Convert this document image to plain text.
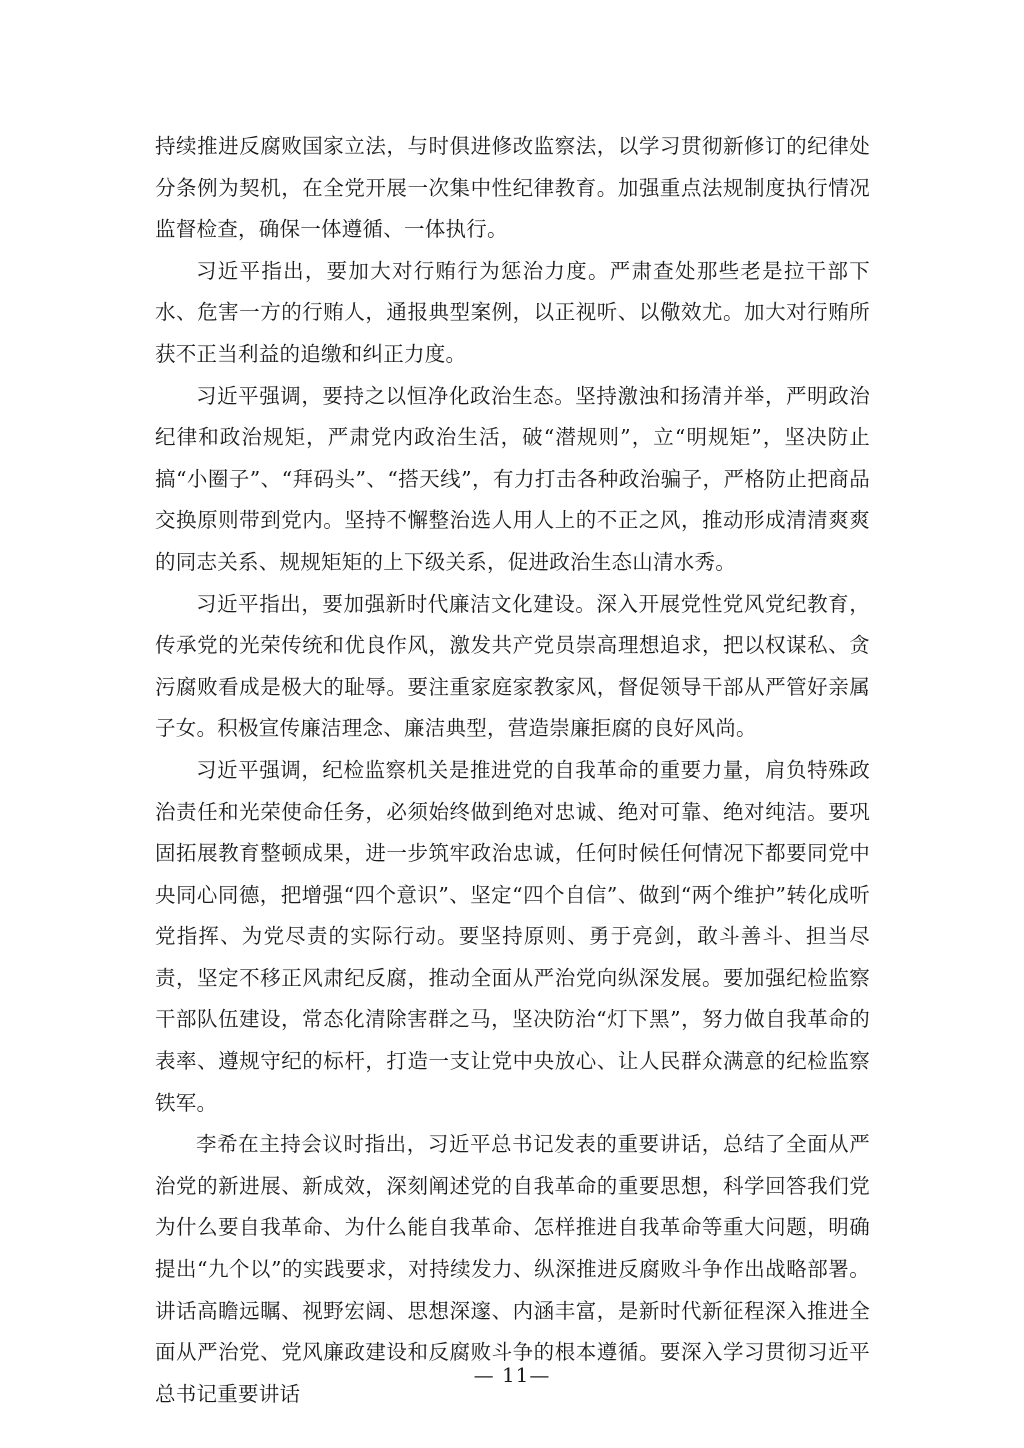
持续推进反腐败国家立法，与时俱进修改监察法，以学习贯彻新修订的纪律处分条例为契机，在全党开展一次集中性纪律教育。加强重点法规制度执行情况监督检查，确保一体遵循、一体执行。

习近平指出，要加大对行贿行为惩治力度。严肃查处那些老是拉干部下水、危害一方的行贿人，通报典型案例，以正视听、以儆效尤。加大对行贿所获不正当利益的追缴和纠正力度。

习近平强调，要持之以恒净化政治生态。坚持激浊和扬清并举，严明政治纪律和政治规矩，严肃党内政治生活，破“潜规则”，立“明规矩”，坚决防止搞“小圈子”、“拜码头”、“搭天线”，有力打击各种政治骗子，严格防止把商品交换原则带到党内。坚持不懈整治选人用人上的不正之风，推动形成清清爽爽的同志关系、规规矩矩的上下级关系，促进政治生态山清水秀。

习近平指出，要加强新时代廉洁文化建设。深入开展党性党风党纪教育，传承党的光荣传统和优良作风，激发共产党员崇高理想追求，把以权谋私、贪污腐败看成是极大的耻辱。要注重家庭家教家风，督促领导干部从严管好亲属子女。积极宣传廉洁理念、廉洁典型，营造崇廉拒腐的良好风尚。

习近平强调，纪检监察机关是推进党的自我革命的重要力量，肩负特殊政治责任和光荣使命任务，必须始终做到绝对忠诚、绝对可靠、绝对纯洁。要巩固拓展教育整顿成果，进一步筑牢政治忠诚，任何时候任何情况下都要同党中央同心同德，把增强“四个意识”、坚定“四个自信”、做到“两个维护”转化成听党指挥、为党尽责的实际行动。要坚持原则、勇于亮剑，敢斗善斗、担当尽责，坚定不移正风肃纪反腐，推动全面从严治党向纵深发展。要加强纪检监察干部队伍建设，常态化清除害群之马，坚决防治“灯下黑”，努力做自我革命的表率、遵规守纪的标杆，打造一支让党中央放心、让人民群众满意的纪检监察铁军。

李希在主持会议时指出，习近平总书记发表的重要讲话，总结了全面从严治党的新进展、新成效，深刻阐述党的自我革命的重要思想，科学回答我们党为什么要自我革命、为什么能自我革命、怎样推进自我革命等重大问题，明确提出“九个以”的实践要求，对持续发力、纵深推进反腐败斗争作出战略部署。讲话高瞻远瞩、视野宏阔、思想深邃、内涵丰富，是新时代新征程深入推进全面从严治党、党风廉政建设和反腐败斗争的根本遵循。要深入学习贯彻习近平总书记重要讲话

— 11—
